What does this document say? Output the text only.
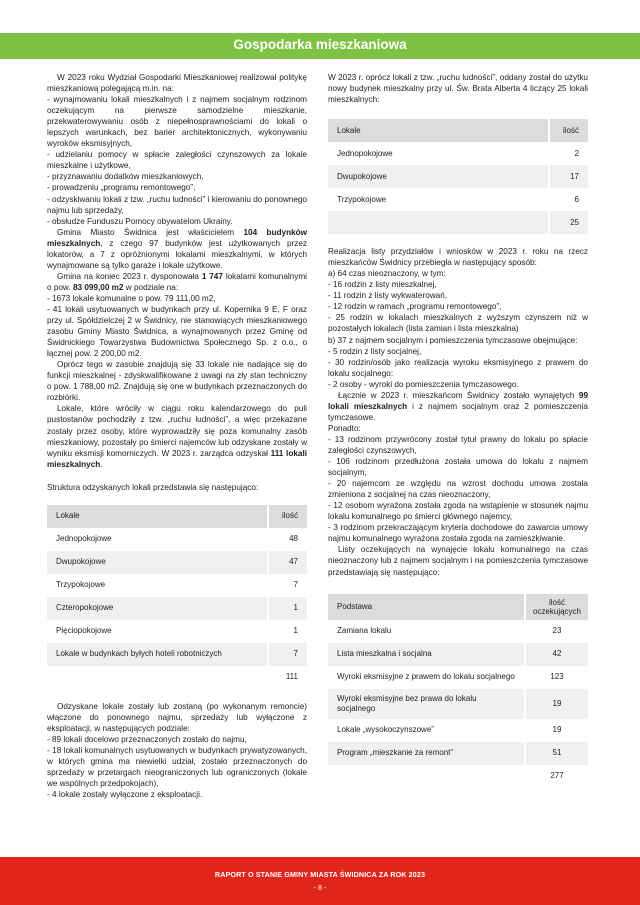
Gospodarka mieszkaniowa

W 2023 roku Wydział Gospodarki Mieszkaniowej realizował politykę mieszkaniową polegającą m.in. na:

- wynajmowaniu lokali mieszkalnych i z najmem socjalnym rodzinom oczekującym na pierwsze samodzielne mieszkanie, przekwaterowywaniu osób z niepełnosprawnościami do lokali o lepszych warunkach, bez barier architektonicznych, wykonywaniu wyroków eksmisyjnych,

- udzielaniu pomocy w spłacie zaległości czynszowych za lokale mieszkalne i użytkowe,

- przyznawaniu dodatków mieszkaniowych,

- prowadzeniu „programu remontowego”,

- odzyskiwaniu lokali z tzw. „ruchu ludności” i kierowaniu do ponownego najmu lub sprzedaży,

- obsłudze Funduszu Pomocy obywatelom Ukrainy.

Gmina Miasto Świdnica jest właścicielem 104 budynków mieszkalnych, z czego 97 budynków jest użytkowanych przez lokatorów, a 7 z opróżnionymi lokalami mieszkalnymi, w których wynajmowane są tylko garaże i lokale użytkowe.

Gmina na koniec 2023 r. dysponowała 1 747 lokalami komunalnymi o pow. 83 099,00 m2 w podziale na:

- 1673 lokale komunalne o pow. 79 111,00 m2,

- 41 lokali usytuowanych w budynkach przy ul. Kopernika 9 E, F oraz przy ul. Spółdzielczej 2 w Świdnicy, nie stanowiących mieszkaniowego zasobu Gminy Miasto Świdnica, a wynajmowanych przez Gminę od Świdnickiego Towarzystwa Budownictwa Społecznego Sp. z o.o., o łącznej pow. 2 200,00 m2.

Oprócz tego w zasobie znajdują się 33 lokale nie nadające się do funkcji mieszkalnej - zdyskwalifikowane z uwagi na zły stan techniczny o pow. 1 788,00 m2. Znajdują się one w budynkach przeznaczonych do rozbiórki.

Lokale, które wróciły w ciągu roku kalendarzowego do puli pustostanów pochodziły z tzw. „ruchu ludności”, a więc przekazane zostały przez osoby, które wyprowadziły się poza komunalny zasób mieszkaniowy, pozostały po śmierci najemców lub odzyskane zostały w wyniku eksmisji komorniczych. W 2023 r. zarządca odzyskał 111 lokali mieszkalnych.

Struktura odzyskanych lokali przedstawia się następująco:

Lokale		ilość
Jednopokojowe		48
Dwupokojowe		47
Trzypokojowe		7
Czteropokojowe		1
Pięciopokojowe		1
Lokale w budynkach byłych hoteli robotniczych		7
		111

Odzyskane lokale zostały lub zostaną (po wykonanym remoncie) włączone do ponownego najmu, sprzedaży lub wyłączone z eksploatacji, w następujących podziale:

- 89 lokali docelowo przeznaczonych zostało do najmu,

- 18 lokali komunalnych usytuowanych w budynkach prywatyzowanych, w których gmina ma niewielki udział, zostało przeznaczonych do sprzedaży w przetargach nieograniczonych lub ograniczonych (lokale we wspólnych przedpokojach),

- 4 lokale zostały wyłączone z eksploatacji.

W 2023 r. oprócz lokali z tzw. „ruchu ludności”, oddany został do użytku nowy budynek mieszkalny przy ul. Św. Brata Alberta 4 liczący 25 lokali mieszkalnych:

Lokale		ilość
Jednopokojowe		2
Dwupokojowe		17
Trzypokojowe		6
		25

Realizacja listy przydziałów i wniosków w 2023 r. roku na rzecz mieszkańców Świdnicy przebiegła w następujący sposób:

a) 64 czas nieoznaczony, w tym:

- 16 rodzin z listy mieszkalnej,

- 11 rodzin z listy wykwaterowań,

- 12 rodzin w ramach „programu remontowego”,

- 25 rodzin w lokalach mieszkalnych z wyższym czynszem niż w pozostałych lokalach (lista zamian i lista mieszkalna)

b) 37 z najmem socjalnym i pomieszczenia tymczasowe obejmujące:

- 5 rodzin z listy socjalnej,

- 30 rodzin/osób jako realizacja wyroku eksmisyjnego z prawem do lokalu socjalnego:

- 2 osoby - wyroki do pomieszczenia tymczasowego.

Łącznie w 2023 r. mieszkańcom Świdnicy zostało wynajętych 99 lokali mieszkalnych i z najmem socjalnym oraz 2 pomieszczenia tymczasowe.

Ponadto:

- 13 rodzinom przywrócony został tytuł prawny do lokalu po spłacie zaległości czynszowych,

- 106 rodzinom przedłużona została umowa do lokalu z najmem socjalnym,

- 20 najemcom ze względu na wzrost dochodu umowa została zmieniona z socjalnej na czas nieoznaczony,

- 12 osobom wyrażona została zgoda na wstąpienie w stosunek najmu lokalu komunalnego po śmierci głównego najemcy,

- 3 rodzinom przekraczającym kryteria dochodowe do zawarcia umowy najmu komunalnego wyrażona została zgoda na zamieszkiwanie.

Listy oczekujących na wynajęcie lokalu komunalnego na czas nieoznaczony lub z najmem socjalnym i na pomieszczenia tymczasowe przedstawiają się następująco:

Podstawa		ilość oczekujących
Zamiana lokalu		23
Lista mieszkalna i socjalna		42
Wyroki eksmisyjne z prawem do lokalu socjalnego		123
Wyroki eksmisyjne bez prawa do lokalu socjalnego		19
Lokale „wysokoczynszowe”		19
Program „mieszkanie za remont”		51
		277
RAPORT O STANIE GMINY MIASTA ŚWIDNICA ZA ROK 2023
- 8 -
